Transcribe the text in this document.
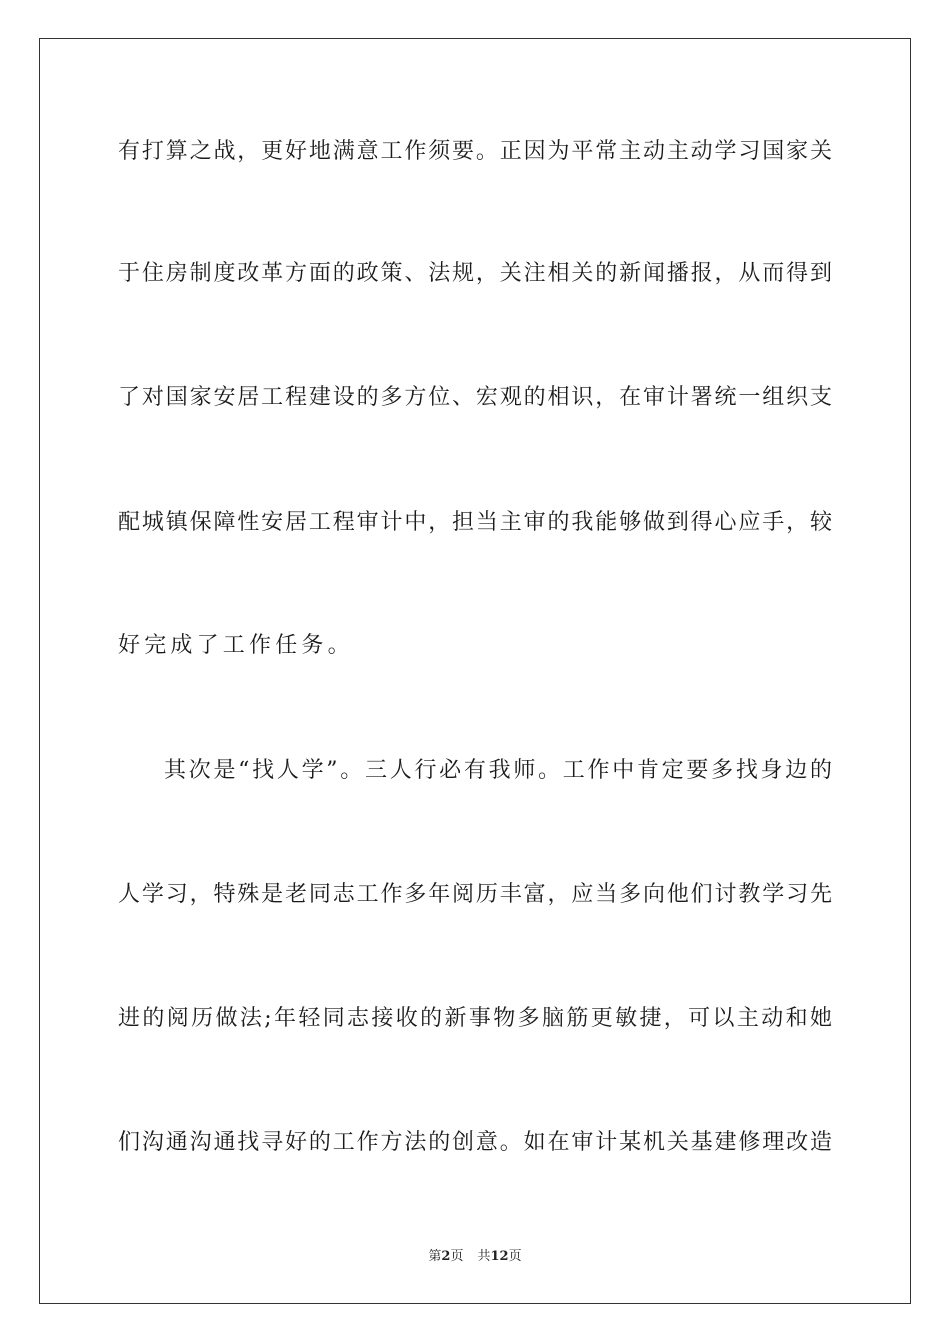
有打算之战，更好地满意工作须要。正因为平常主动主动学习国家关
于住房制度改革方面的政策、法规，关注相关的新闻播报，从而得到
了对国家安居工程建设的多方位、宏观的相识，在审计署统一组织支
配城镇保障性安居工程审计中，担当主审的我能够做到得心应手，较
好完成了工作任务。
其次是“找人学”。三人行必有我师。工作中肯定要多找身边的
人学习，特殊是老同志工作多年阅历丰富，应当多向他们讨教学习先
进的阅历做法;年轻同志接收的新事物多脑筋更敏捷，可以主动和她
们沟通沟通找寻好的工作方法的创意。如在审计某机关基建修理改造
第2页 共12页
